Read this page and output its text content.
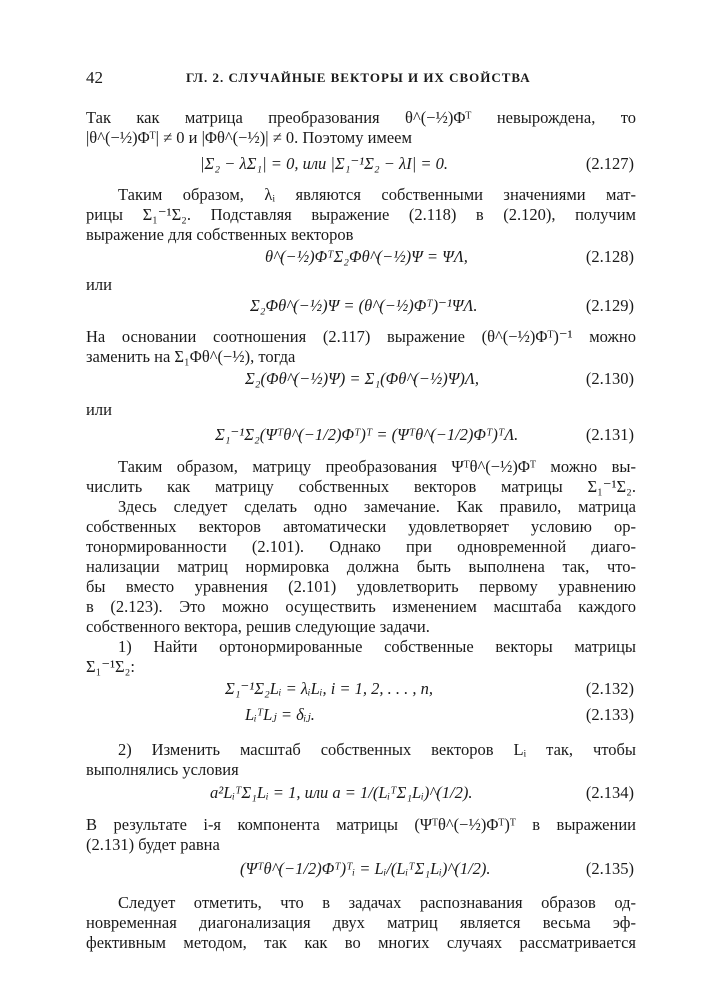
42	ГЛ. 2. СЛУЧАЙНЫЕ ВЕКТОРЫ И ИХ СВОЙСТВА
Так как матрица преобразования θ^(−½)Φᵀ невырождена, то
|θ^(−½)Φᵀ| ≠ 0 и |Φθ^(−½)| ≠ 0. Поэтому имеем
|Σ₂ − λΣ₁| = 0, или |Σ₁⁻¹Σ₂ − λI| = 0.	(2.127)
Таким образом, λᵢ являются собственными значениями мат-
рицы Σ₁⁻¹Σ₂. Подставляя выражение (2.118) в (2.120), получим
выражение для собственных векторов
θ^(−½)ΦᵀΣ₂Φθ^(−½)Ψ = ΨΛ,	(2.128)
или
Σ₂Φθ^(−½)Ψ = (θ^(−½)Φᵀ)⁻¹ΨΛ.	(2.129)
На основании соотношения (2.117) выражение (θ^(−½)Φᵀ)⁻¹ можно
заменить на Σ₁Φθ^(−½), тогда
Σ₂(Φθ^(−½)Ψ) = Σ₁(Φθ^(−½)Ψ)Λ,	(2.130)
или
Σ₁⁻¹Σ₂(Ψᵀθ^(−1/2)Φᵀ)ᵀ = (Ψᵀθ^(−1/2)Φᵀ)ᵀΛ.	(2.131)
Таким образом, матрицу преобразования Ψᵀθ^(−½)Φᵀ можно вы-
числить как матрицу собственных векторов матрицы Σ₁⁻¹Σ₂.
Здесь следует сделать одно замечание. Как правило, матрица
собственных векторов автоматически удовлетворяет условию ор-
тонормированности (2.101). Однако при одновременной диаго-
нализации матриц нормировка должна быть выполнена так, что-
бы вместо уравнения (2.101) удовлетворить первому уравнению
в (2.123). Это можно осуществить изменением масштаба каждого
собственного вектора, решив следующие задачи.
1) Найти ортонормированные собственные векторы матрицы
Σ₁⁻¹Σ₂:
Σ₁⁻¹Σ₂Lᵢ = λᵢLᵢ, i = 1, 2, . . . , n,	(2.132)
LᵢᵀLⱼ = δᵢⱼ.	(2.133)
2) Изменить масштаб собственных векторов Lᵢ так, чтобы
выполнялись условия
a²LᵢᵀΣ₁Lᵢ = 1, или a = 1/(LᵢᵀΣ₁Lᵢ)^(1/2).	(2.134)
В результате i-я компонента матрицы (Ψᵀθ^(−½)Φᵀ)ᵀ в выражении
(2.131) будет равна
(Ψᵀθ^(−1/2)Φᵀ)ᵀᵢ = Lᵢ/(LᵢᵀΣ₁Lᵢ)^(1/2).	(2.135)
Следует отметить, что в задачах распознавания образов од-
новременная диагонализация двух матриц является весьма эф-
фективным методом, так как во многих случаях рассматривается
